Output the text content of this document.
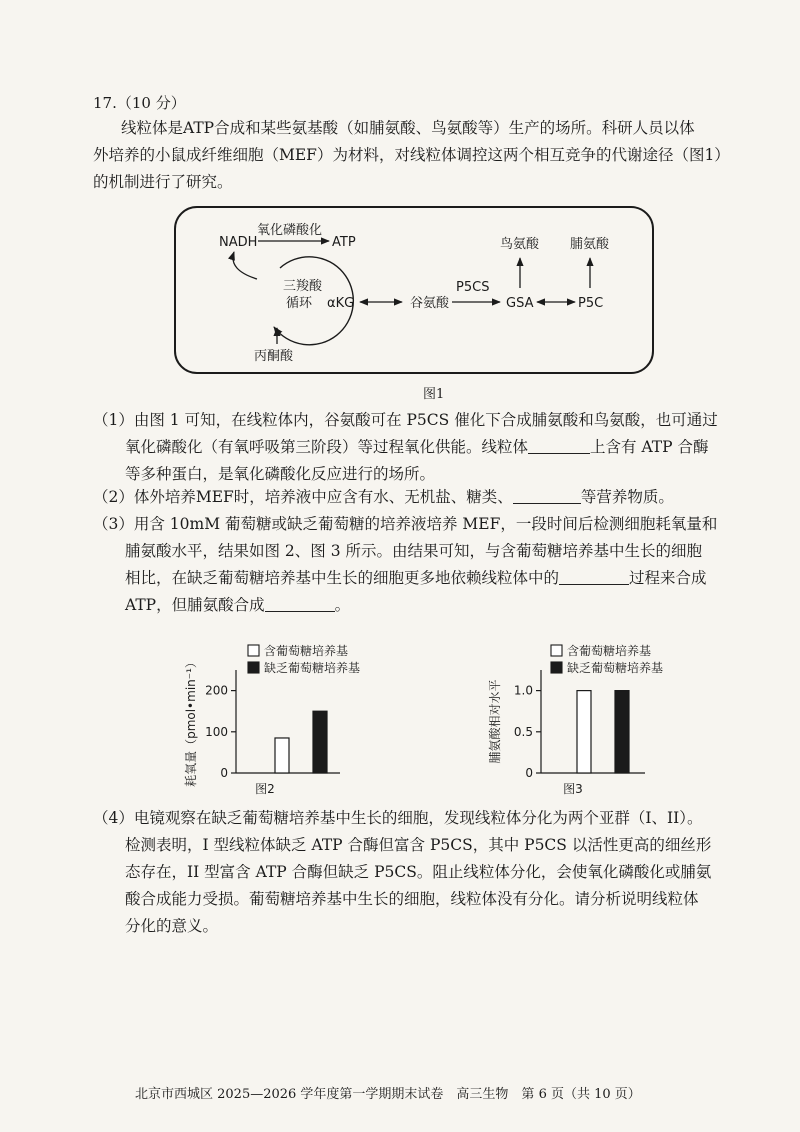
17.（10 分）
线粒体是ATP合成和某些氨基酸（如脯氨酸、鸟氨酸等）生产的场所。科研人员以体
外培养的小鼠成纤维细胞（MEF）为材料，对线粒体调控这两个相互竞争的代谢途径（图1）
的机制进行了研究。
NADH
氧化磷酸化
ATP
三羧酸
循环 αKG
丙酮酸
谷氨酸
P5CS
GSA	P5C
鸟氨酸 脯氨酸
图1
（1）由图 1 可知，在线粒体内，谷氨酸可在 P5CS 催化下合成脯氨酸和鸟氨酸，也可通过
氧化磷酸化（有氧呼吸第三阶段）等过程氧化供能。线粒体	上含有 ATP 合酶
等多种蛋白，是氧化磷酸化反应进行的场所。
（2）体外培养MEF时，培养液中应含有水、无机盐、糖类、	等营养物质。
（3）用含 10mM 葡萄糖或缺乏葡萄糖的培养液培养 MEF，一段时间后检测细胞耗氧量和
脯氨酸水平，结果如图 2、图 3 所示。由结果可知，与含葡萄糖培养基中生长的细胞
相比，在缺乏葡萄糖培养基中生长的细胞更多地依赖线粒体中的	过程来合成
ATP，但脯氨酸合成	。
耗氧量（pmol•min⁻¹） 0
100
200
含葡萄糖培养基
缺乏葡萄糖培养基
图2
脯氨酸相对水平
0
0.5
1.0
含葡萄糖培养基
缺乏葡萄糖培养基
图3
（4）电镜观察在缺乏葡萄糖培养基中生长的细胞，发现线粒体分化为两个亚群（I、II）。
检测表明，I 型线粒体缺乏 ATP 合酶但富含 P5CS，其中 P5CS 以活性更高的细丝形
态存在，II 型富含 ATP 合酶但缺乏 P5CS。阻止线粒体分化，会使氧化磷酸化或脯氨
酸合成能力受损。葡萄糖培养基中生长的细胞，线粒体没有分化。请分析说明线粒体
分化的意义。
北京市西城区 2025—2026 学年度第一学期期末试卷　高三生物　第 6 页（共 10 页）
